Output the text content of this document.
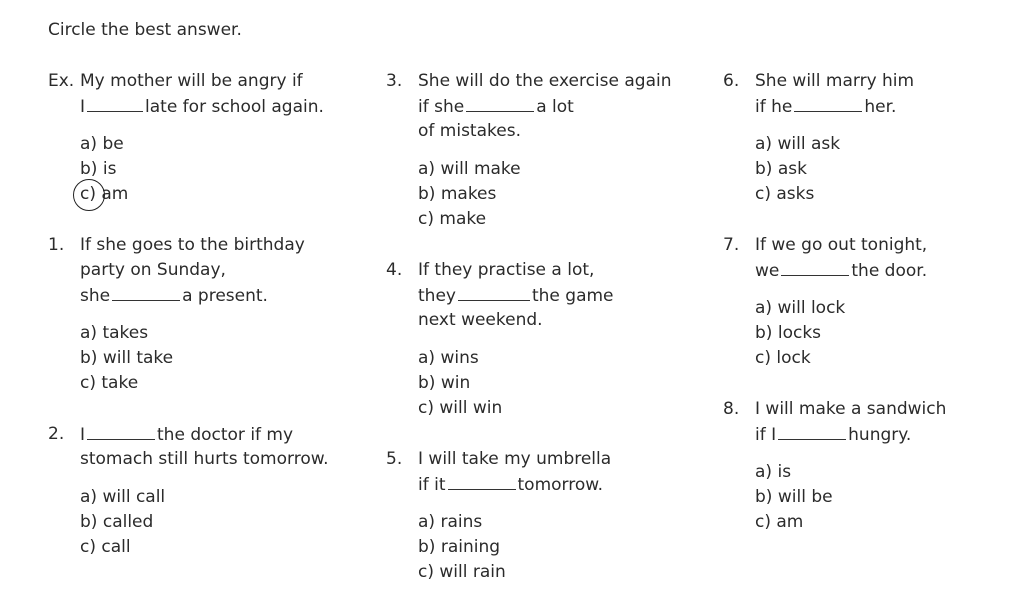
Circle the best answer.
Ex. My mother will be angry if
I	late for school again.
a) be
b) is
c) am
1. If she goes to the birthday
party on Sunday,
she	a present.
a) takes
b) will take
c) take
2. I	the doctor if my
stomach still hurts tomorrow.
a) will call
b) called
c) call
3. She will do the exercise again
if she	a lot
of mistakes.
a) will make
b) makes
c) make
4. If they practise a lot,
they	the game
next weekend.
a) wins
b) win
c) will win
5. I will take my umbrella
if it	tomorrow.
a) rains
b) raining
c) will rain
6. She will marry him
if he	her.
a) will ask
b) ask
c) asks
7. If we go out tonight,
we	the door.
a) will lock
b) locks
c) lock
8. I will make a sandwich
if I	hungry.
a) is
b) will be
c) am
